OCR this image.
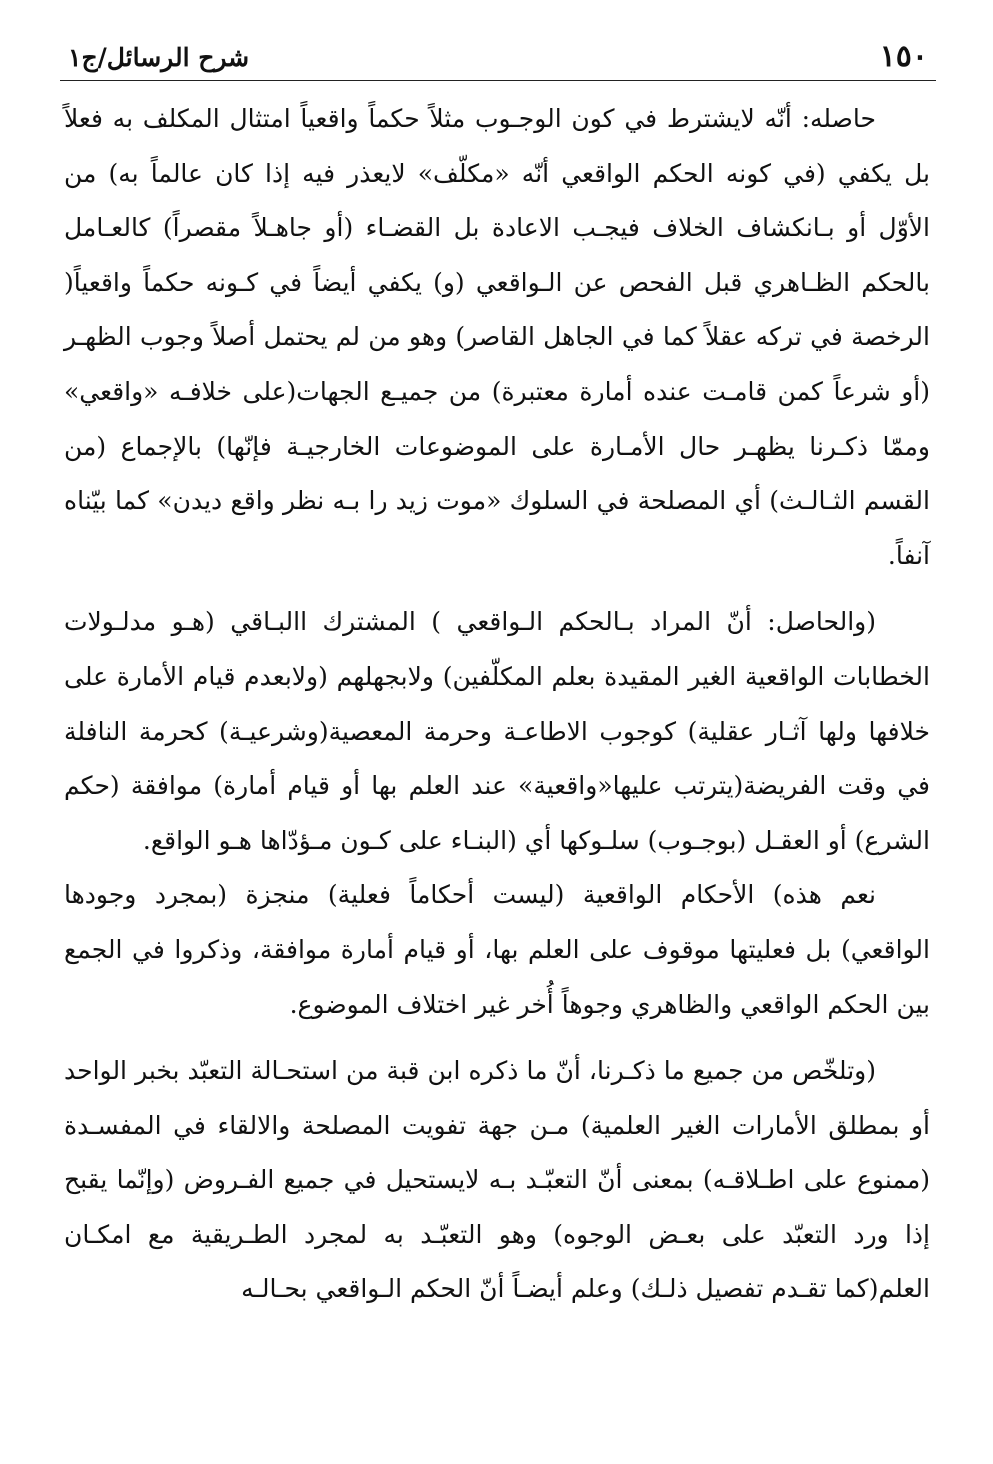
١٥٠
شرح الرسائل/ج١

حاصله: أنّه لايشترط في كون الوجـوب مثلاً حكماً واقعياً امتثال المكلف به فعلاً بل يكفي (في كونه الحكم الواقعي أنّه «مكلّف» لايعذر فيه إذا كان عالماً به) من الأوّل أو بـانكشاف الخلاف فيجـب الاعادة بل القضـاء (أو جاهـلاً مقصراً) كالعـامل بالحكم الظـاهري قبل الفحص عن الـواقعي (و) يكفي أيضاً في كـونه حكماً واقعياً( الرخصة في تركه عقلاً كما في الجاهل القاصر) وهو من لم يحتمل أصلاً وجوب الظهـر (أو شرعاً كمن قامـت عنده أمارة معتبرة) من جميـع الجهات(على خلافـه «واقعي» وممّا ذكـرنا يظهـر حال الأمـارة على الموضوعات الخارجيـة فإنّها) بالإجماع (من القسم الثـالـث) أي المصلحة في السلوك «موت زيد را بـه نظر واقع ديدن» كما بيّناه آنفاً.

(والحاصل: أنّ المراد بـالحكم الـواقعي ) المشترك االبـاقي (هـو مدلـولات الخطابات الواقعية الغير المقيدة بعلم المكلّفين) ولابجهلهم (ولابعدم قيام الأمارة على خلافها ولها آثـار عقلية) كوجوب الاطاعـة وحرمة المعصية(وشرعيـة) كحرمة النافلة في وقت الفريضة(يترتب عليها«واقعية» عند العلم بها أو قيام أمارة) موافقة (حكم الشرع) أو العقـل (بوجـوب) سلـوكها أي (البنـاء على كـون مـؤدّاها هـو الواقع.

نعم هذه) الأحكام الواقعية (ليست أحكاماً فعلية) منجزة (بمجرد وجودها الواقعي) بل فعليتها موقوف على العلم بها، أو قيام أمارة موافقة، وذكروا في الجمع بين الحكم الواقعي والظاهري وجوهاً أُخر غير اختلاف الموضوع.

(وتلخّص من جميع ما ذكـرنا، أنّ ما ذكره ابن قبة من استحـالة التعبّد بخبر الواحد أو بمطلق الأمارات الغير العلمية) مـن جهة تفويت المصلحة والالقاء في المفسـدة (ممنوع على اطـلاقـه) بمعنى أنّ التعبّـد بـه لايستحيل في جميع الفـروض (وإنّما يقبح إذا ورد التعبّد على بعـض الوجوه) وهو التعبّـد به لمجرد الطـريقية مع امكـان العلم(كما تقـدم تفصيل ذلـك) وعلم أيضـاً أنّ الحكم الـواقعي بحـالـه
